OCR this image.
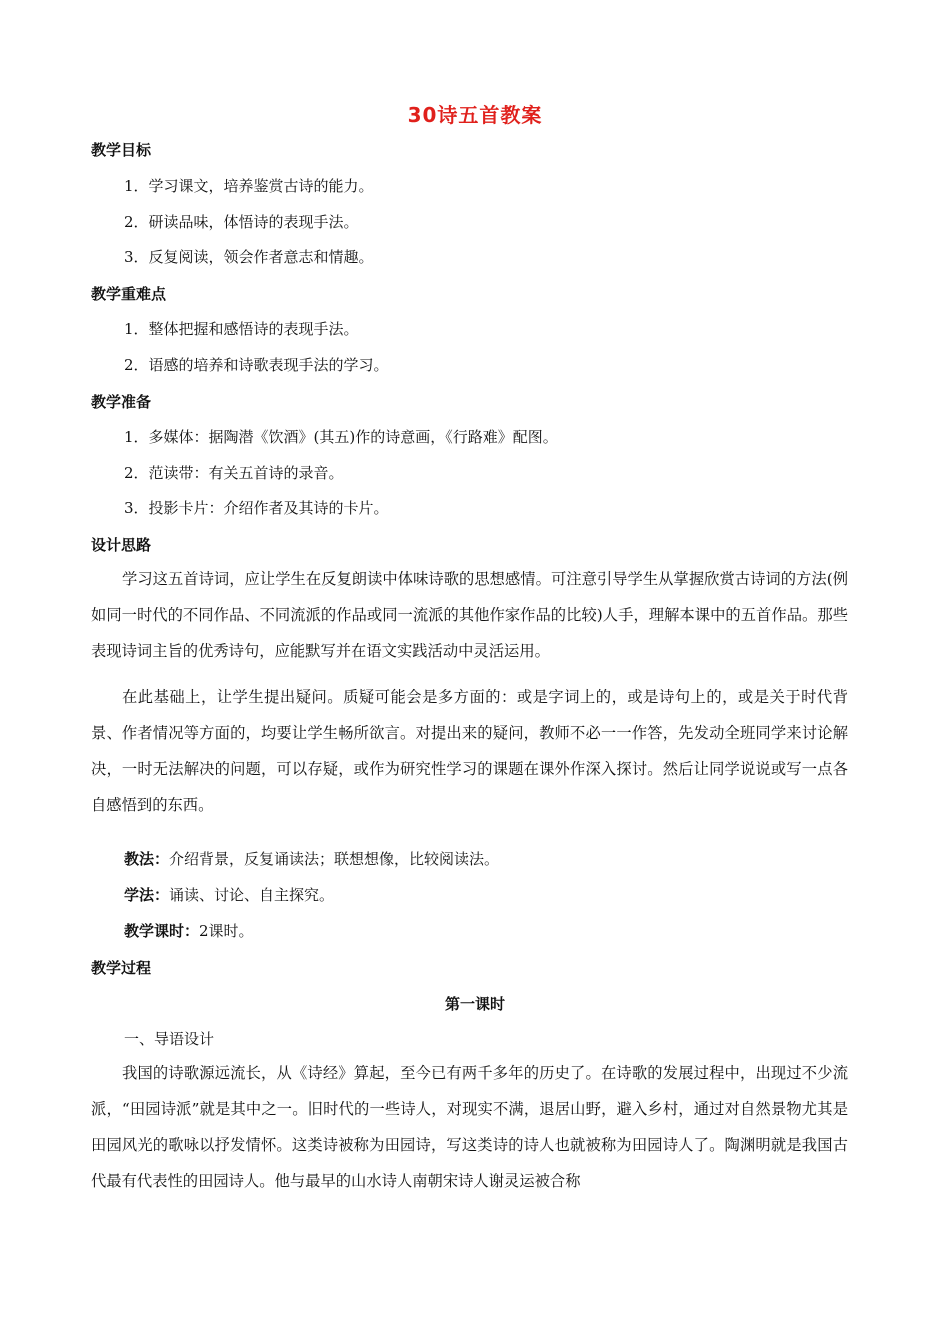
30诗五首教案
教学目标
1．学习课文，培养鉴赏古诗的能力。
2．研读品味，体悟诗的表现手法。
3．反复阅读，领会作者意志和情趣。
教学重难点
1．整体把握和感悟诗的表现手法。
2．语感的培养和诗歌表现手法的学习。
教学准备
1．多媒体：据陶潜《饮酒》(其五)作的诗意画，《行路难》配图。
2．范读带：有关五首诗的录音。
3．投影卡片：介绍作者及其诗的卡片。
设计思路
学习这五首诗词，应让学生在反复朗读中体味诗歌的思想感情。可注意引导学生从掌握欣赏古诗词的方法(例如同一时代的不同作品、不同流派的作品或同一流派的其他作家作品的比较)人手，理解本课中的五首作品。那些表现诗词主旨的优秀诗句，应能默写并在语文实践活动中灵活运用。
在此基础上，让学生提出疑问。质疑可能会是多方面的：或是字词上的，或是诗句上的，或是关于时代背景、作者情况等方面的，均要让学生畅所欲言。对提出来的疑问，教师不必一一作答，先发动全班同学来讨论解决，一时无法解决的问题，可以存疑，或作为研究性学习的课题在课外作深入探讨。然后让同学说说或写一点各自感悟到的东西。
教法：介绍背景，反复诵读法；联想想像，比较阅读法。
学法：诵读、讨论、自主探究。
教学课时：2课时。
教学过程
第一课时
一、导语设计
我国的诗歌源远流长，从《诗经》算起，至今已有两千多年的历史了。在诗歌的发展过程中，出现过不少流派，“田园诗派”就是其中之一。旧时代的一些诗人，对现实不满，退居山野，避入乡村，通过对自然景物尤其是田园风光的歌咏以抒发情怀。这类诗被称为田园诗，写这类诗的诗人也就被称为田园诗人了。陶渊明就是我国古代最有代表性的田园诗人。他与最早的山水诗人南朝宋诗人谢灵运被合称
